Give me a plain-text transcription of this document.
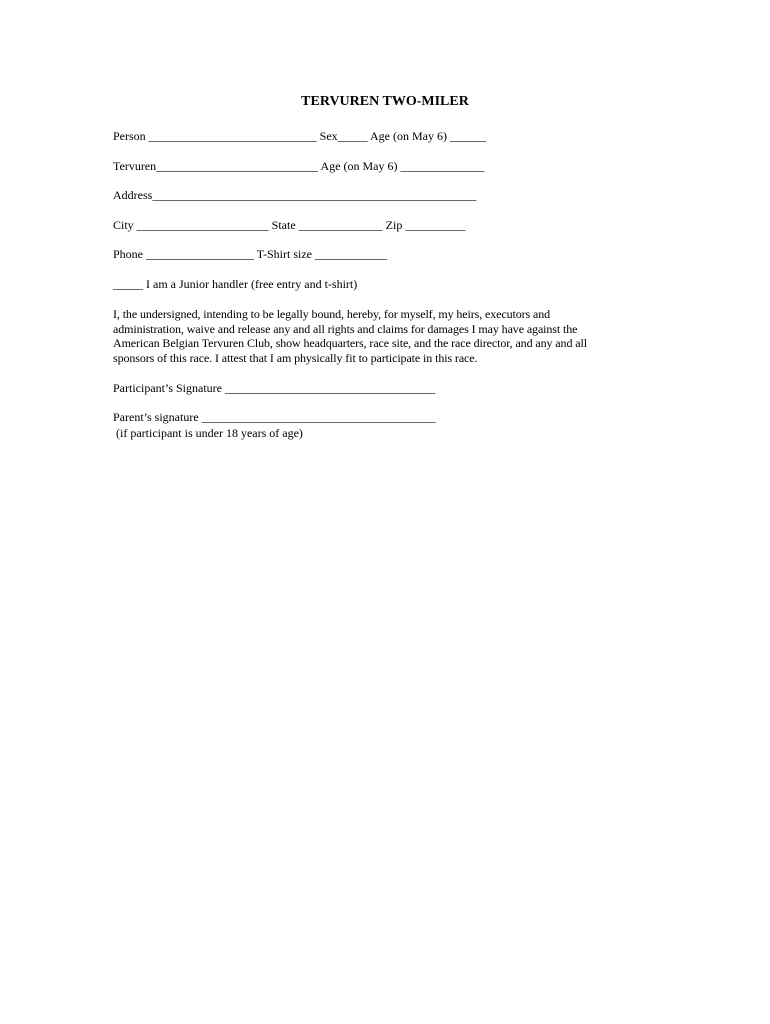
TERVUREN TWO-MILER
Person ____________________________ Sex_____ Age (on May 6) ______
Tervuren___________________________ Age (on May 6) ______________
Address______________________________________________________
City ______________________ State ______________ Zip __________
Phone __________________ T-Shirt size ____________
_____ I am a Junior handler (free entry and t-shirt)
I, the undersigned, intending to be legally bound, hereby, for myself, my heirs, executors and
administration, waive and release any and all rights and claims for damages I may have against the
American Belgian Tervuren Club, show headquarters, race site, and the race director, and any and all
sponsors of this race. I attest that I am physically fit to participate in this race.
Participant’s Signature ___________________________________
Parent’s signature _______________________________________
(if participant is under 18 years of age)
